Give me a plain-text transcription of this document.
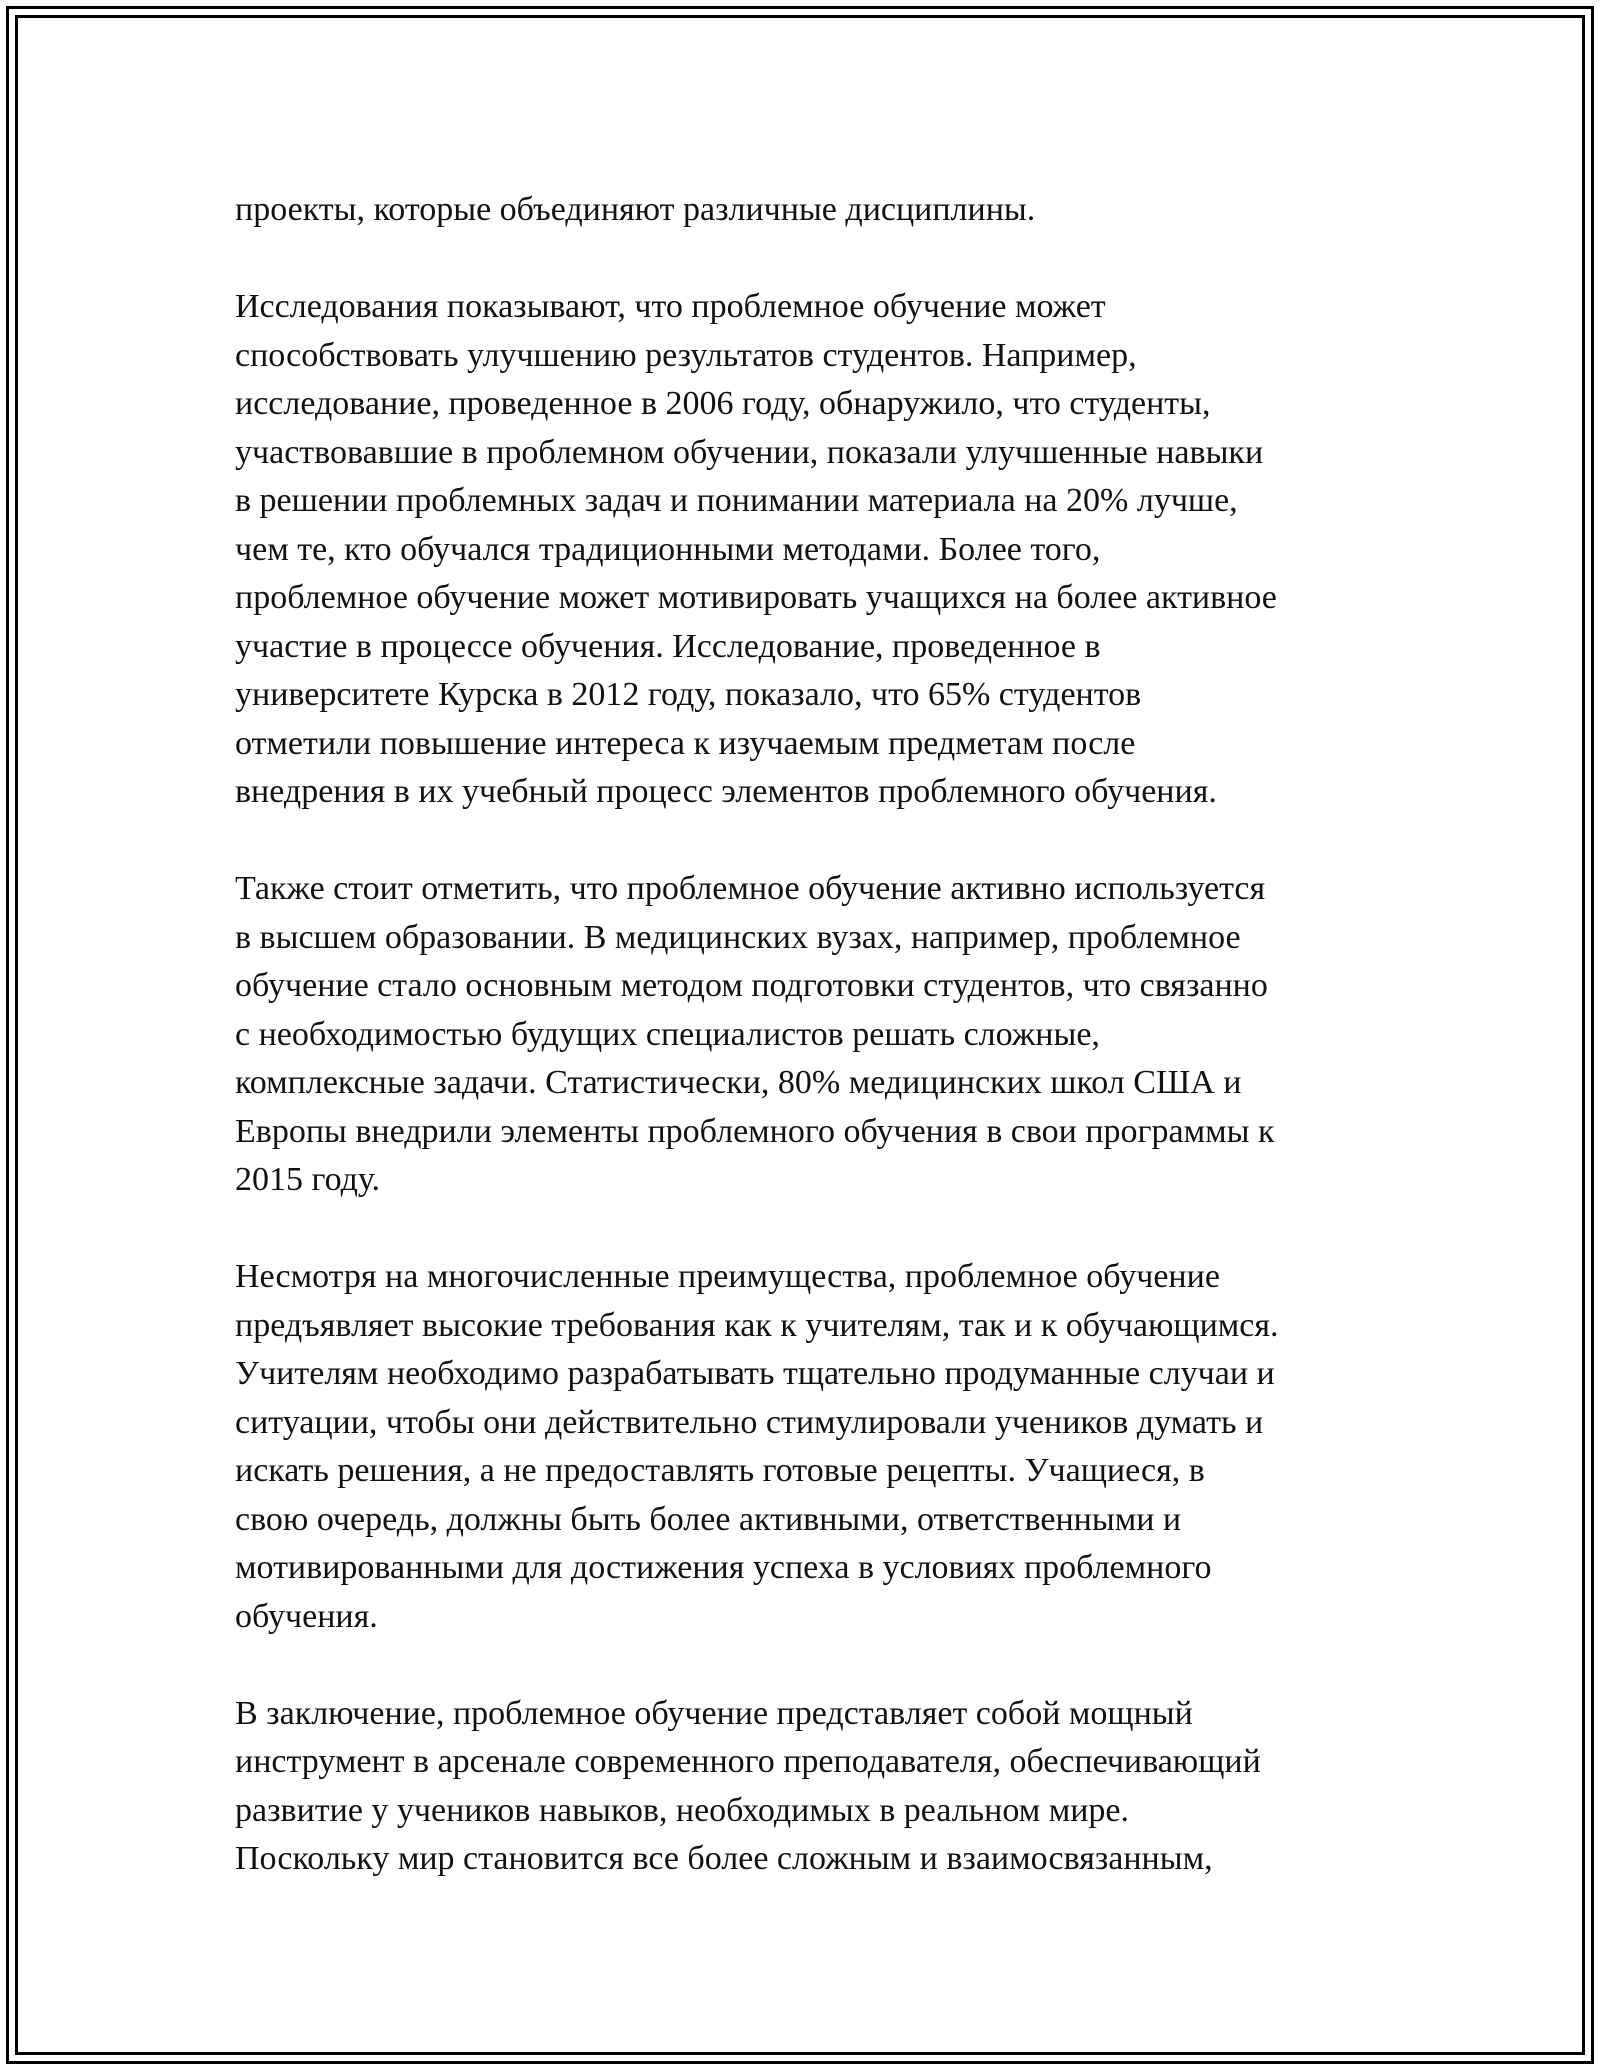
проекты, которые объединяют различные дисциплины.
Исследования показывают, что проблемное обучение может
способствовать улучшению результатов студентов. Например,
исследование, проведенное в 2006 году, обнаружило, что студенты,
участвовавшие в проблемном обучении, показали улучшенные навыки
в решении проблемных задач и понимании материала на 20% лучше,
чем те, кто обучался традиционными методами. Более того,
проблемное обучение может мотивировать учащихся на более активное
участие в процессе обучения. Исследование, проведенное в
университете Курска в 2012 году, показало, что 65% студентов
отметили повышение интереса к изучаемым предметам после
внедрения в их учебный процесс элементов проблемного обучения.
Также стоит отметить, что проблемное обучение активно используется
в высшем образовании. В медицинских вузах, например, проблемное
обучение стало основным методом подготовки студентов, что связанно
с необходимостью будущих специалистов решать сложные,
комплексные задачи. Статистически, 80% медицинских школ США и
Европы внедрили элементы проблемного обучения в свои программы к
2015 году.
Несмотря на многочисленные преимущества, проблемное обучение
предъявляет высокие требования как к учителям, так и к обучающимся.
Учителям необходимо разрабатывать тщательно продуманные случаи и
ситуации, чтобы они действительно стимулировали учеников думать и
искать решения, а не предоставлять готовые рецепты. Учащиеся, в
свою очередь, должны быть более активными, ответственными и
мотивированными для достижения успеха в условиях проблемного
обучения.
В заключение, проблемное обучение представляет собой мощный
инструмент в арсенале современного преподавателя, обеспечивающий
развитие у учеников навыков, необходимых в реальном мире.
Поскольку мир становится все более сложным и взаимосвязанным,
